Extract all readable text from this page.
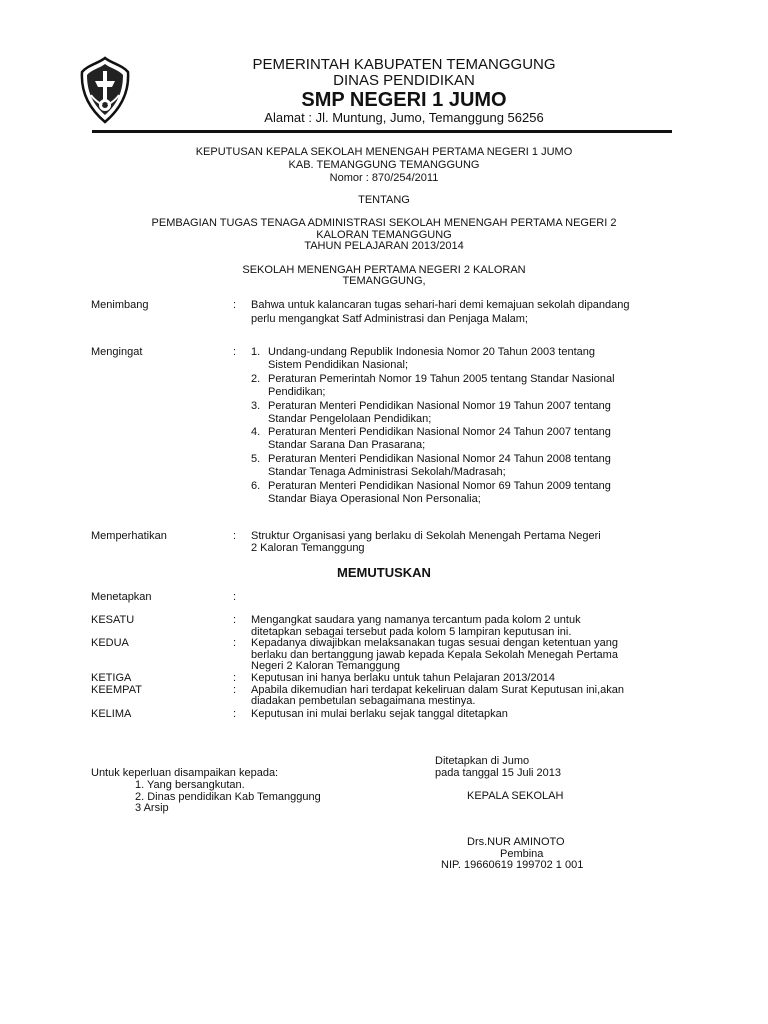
PEMERINTAH KABUPATEN TEMANGGUNG
DINAS PENDIDIKAN
SMP NEGERI 1 JUMO
Alamat : Jl. Muntung, Jumo, Temanggung 56256
KEPUTUSAN KEPALA SEKOLAH MENENGAH PERTAMA NEGERI 1 JUMO
KAB. TEMANGGUNG TEMANGGUNG
Nomor : 870/254/2011
TENTANG
PEMBAGIAN TUGAS TENAGA ADMINISTRASI SEKOLAH MENENGAH PERTAMA NEGERI 2
KALORAN TEMANGGUNG
TAHUN PELAJARAN 2013/2014
SEKOLAH MENENGAH PERTAMA NEGERI 2 KALORAN
TEMANGGUNG,
Menimbang	: Bahwa untuk kalancaran tugas sehari-hari demi kemajuan sekolah dipandang
perlu mengangkat Satf Administrasi dan Penjaga Malam;
Mengingat	: 1. Undang-undang Republik Indonesia Nomor 20 Tahun 2003 tentang
Sistem Pendidikan Nasional;
2. Peraturan Pemerintah Nomor 19 Tahun 2005 tentang Standar Nasional
Pendidikan;
3. Peraturan Menteri Pendidikan Nasional Nomor 19 Tahun 2007 tentang
Standar Pengelolaan Pendidikan;
4. Peraturan Menteri Pendidikan Nasional Nomor 24 Tahun 2007 tentang
Standar Sarana Dan Prasarana;
5. Peraturan Menteri Pendidikan Nasional Nomor 24 Tahun 2008 tentang
Standar Tenaga Administrasi Sekolah/Madrasah;
6. Peraturan Menteri Pendidikan Nasional Nomor 69 Tahun 2009 tentang
Standar Biaya Operasional Non Personalia;
Memperhatikan	: Struktur Organisasi yang berlaku di Sekolah Menengah Pertama Negeri
2 Kaloran Temanggung
MEMUTUSKAN
Menetapkan	:
KESATU	: Mengangkat saudara yang namanya tercantum pada kolom 2 untuk
ditetapkan sebagai tersebut pada kolom 5 lampiran keputusan ini.
KEDUA	: Kepadanya diwajibkan melaksanakan tugas sesuai dengan ketentuan yang
berlaku dan bertanggung jawab kepada Kepala Sekolah Menegah Pertama
Negeri 2 Kaloran Temanggung
KETIGA	: Keputusan ini hanya berlaku untuk tahun Pelajaran 2013/2014
KEEMPAT	: Apabila dikemudian hari terdapat kekeliruan dalam Surat Keputusan ini,akan
diadakan pembetulan sebagaimana mestinya.
KELIMA	: Keputusan ini mulai berlaku sejak tanggal ditetapkan
Untuk keperluan disampaikan kepada:
1. Yang bersangkutan.
2. Dinas pendidikan Kab Temanggung
3 Arsip
Ditetapkan di Jumo
pada tanggal 15 Juli 2013
KEPALA SEKOLAH
Drs.NUR AMINOTO
Pembina
NIP. 19660619 199702 1 001
